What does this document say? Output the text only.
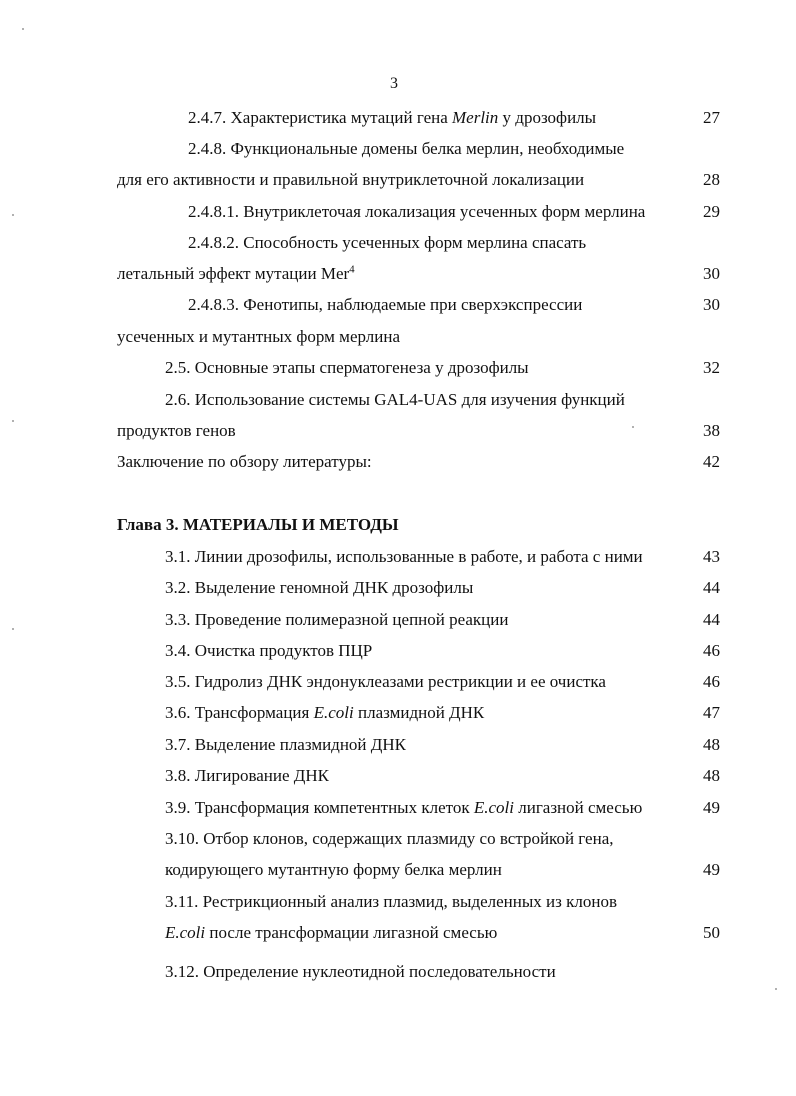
3
2.4.7. Характеристика мутаций гена Merlin у дрозофилы	27
2.4.8. Функциональные домены белка мерлин, необходимые
для его активности и правильной внутриклеточной локализации	28
2.4.8.1. Внутриклеточая локализация усеченных форм мерлина	29
2.4.8.2. Способность усеченных форм мерлина спасать
летальный эффект мутации Mer$^4$	30
2.4.8.3. Фенотипы, наблюдаемые при сверхэкспрессии	30
усеченных и мутантных форм мерлина
2.5. Основные этапы сперматогенеза у дрозофилы	32
2.6. Использование системы GAL4-UAS для изучения функций
продуктов генов	38
Заключение по обзору литературы:	42
Глава 3. МАТЕРИАЛЫ И МЕТОДЫ
3.1. Линии дрозофилы, использованные в работе, и работа с ними	43
3.2. Выделение геномной ДНК дрозофилы	44
3.3. Проведение полимеразной цепной реакции	44
3.4. Очистка продуктов ПЦР	46
3.5. Гидролиз ДНК эндонуклеазами рестрикции и ее очистка	46
3.6. Трансформация E.coli плазмидной ДНК	47
3.7. Выделение плазмидной ДНК	48
3.8. Лигирование ДНК	48
3.9. Трансформация компетентных клеток E.coli лигазной смесью	49
3.10. Отбор клонов, содержащих плазмиду со встройкой гена,
кодирующего мутантную форму белка мерлин	49
3.11. Рестрикционный анализ плазмид, выделенных из клонов
E.coli после трансформации лигазной смесью	50
3.12. Определение нуклеотидной последовательности
